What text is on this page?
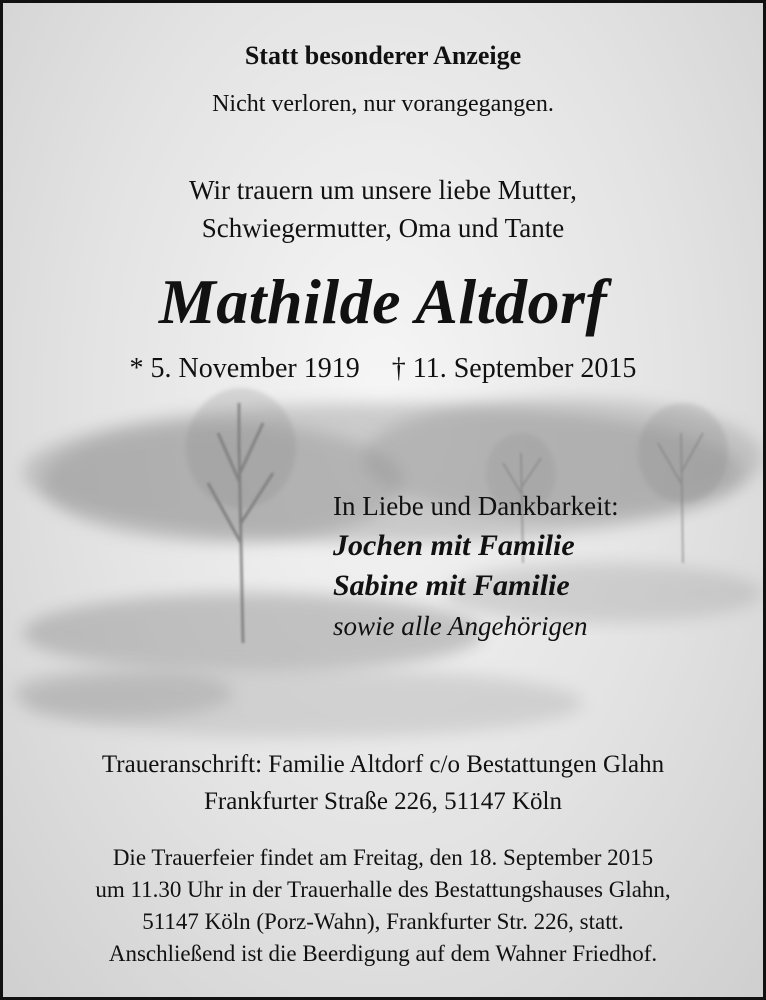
Statt besonderer Anzeige
Nicht verloren, nur vorangegangen.
Wir trauern um unsere liebe Mutter,
Schwiegermutter, Oma und Tante
Mathilde Altdorf
* 5. November 1919 † 11. September 2015
In Liebe und Dankbarkeit:
Jochen mit Familie
Sabine mit Familie
sowie alle Angehörigen
Traueranschrift: Familie Altdorf c/o Bestattungen Glahn
Frankfurter Straße 226, 51147 Köln
Die Trauerfeier findet am Freitag, den 18. September 2015
um 11.30 Uhr in der Trauerhalle des Bestattungshauses Glahn,
51147 Köln (Porz-Wahn), Frankfurter Str. 226, statt.
Anschließend ist die Beerdigung auf dem Wahner Friedhof.
